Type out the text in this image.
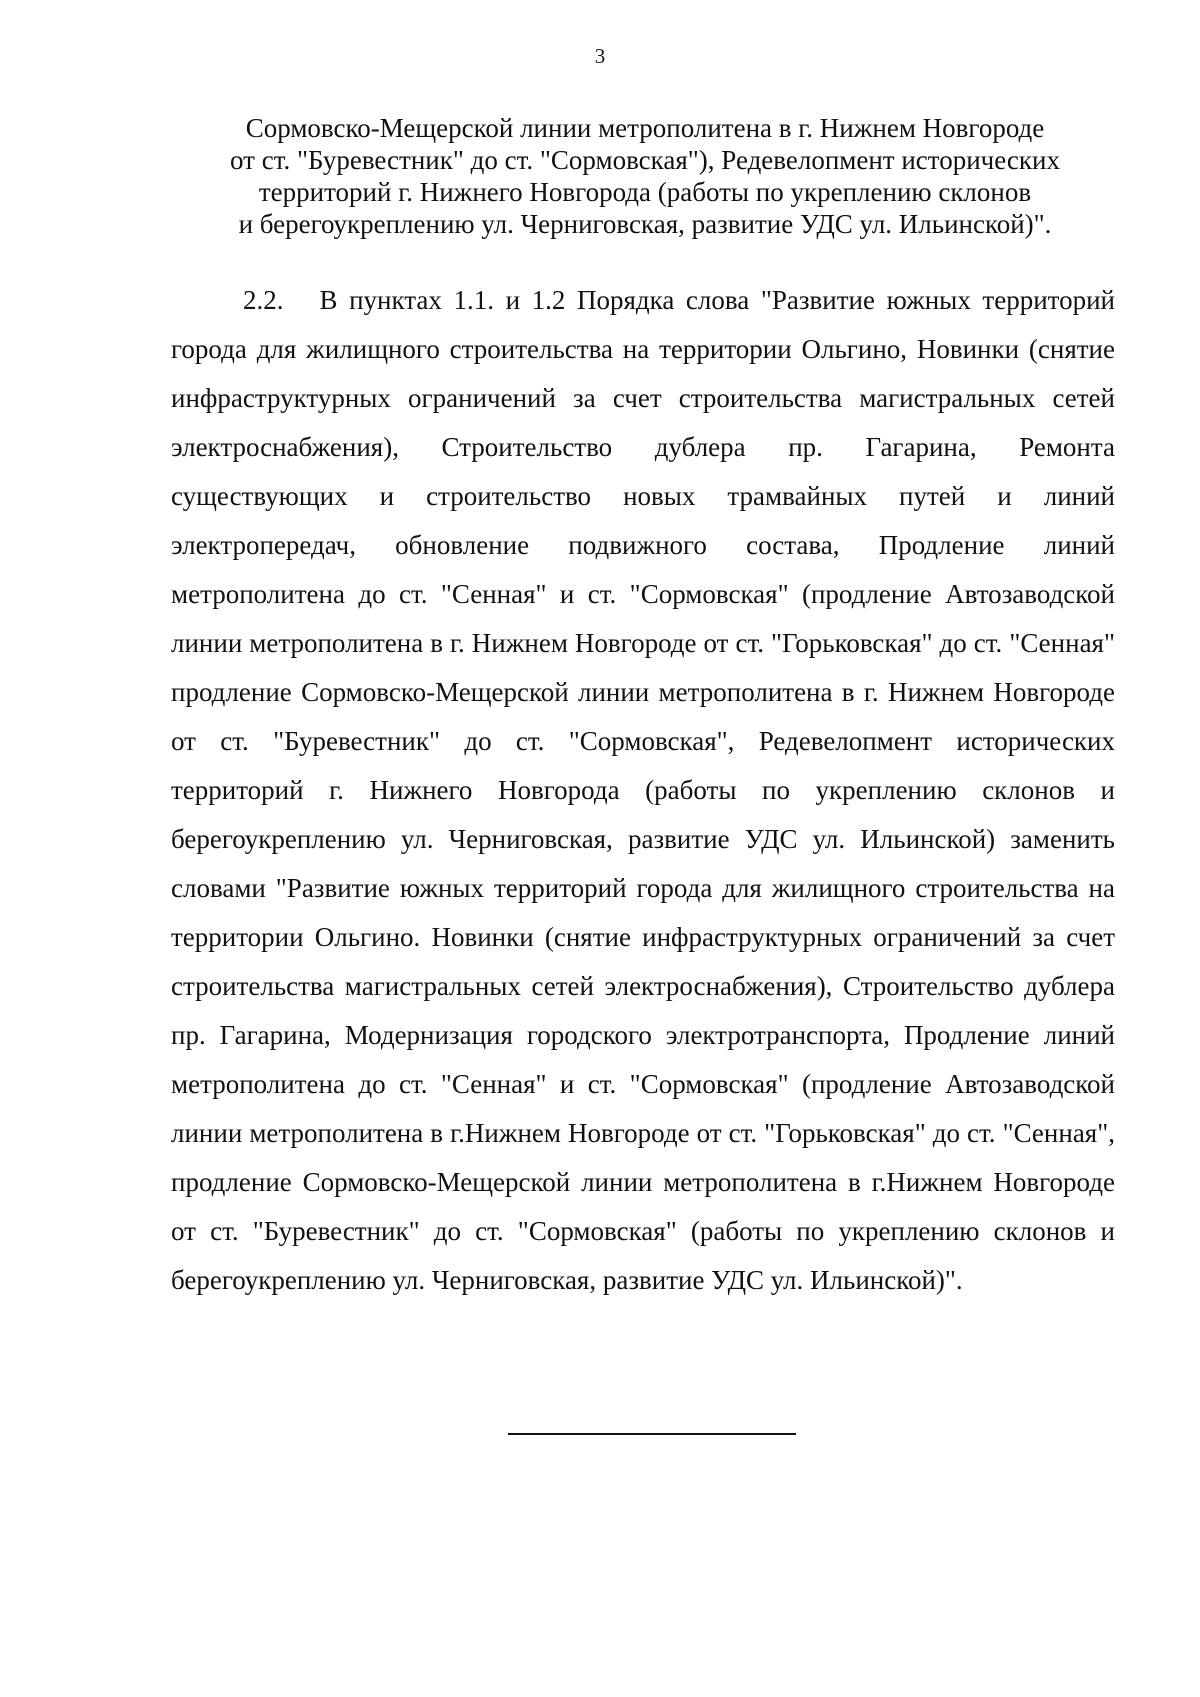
3
Сормовско-Мещерской линии метрополитена в г. Нижнем Новгороде
от ст. "Буревестник" до ст. "Сормовская"), Редевелопмент исторических
территорий г. Нижнего Новгорода (работы по укреплению склонов
и берегоукреплению ул. Черниговская, развитие УДС ул. Ильинской)".

2.2. В пунктах 1.1. и 1.2 Порядка слова "Развитие южных территорий города для жилищного строительства на территории Ольгино, Новинки (снятие инфраструктурных ограничений за счет строительства магистральных сетей электроснабжения), Строительство дублера пр. Гагарина, Ремонта существующих и строительство новых трамвайных путей и линий электропередач, обновление подвижного состава, Продление линий метрополитена до ст. "Сенная" и ст. "Сормовская" (продление Автозаводской линии метрополитена в г. Нижнем Новгороде от ст. "Горьковская" до ст. "Сенная" продление Сормовско-Мещерской линии метрополитена в г. Нижнем Новгороде от ст. "Буревестник" до ст. "Сормовская", Редевелопмент исторических территорий г. Нижнего Новгорода (работы по укреплению склонов и берегоукреплению ул. Черниговская, развитие УДС ул. Ильинской) заменить словами "Развитие южных территорий города для жилищного строительства на территории Ольгино. Новинки (снятие инфраструктурных ограничений за счет строительства магистральных сетей электроснабжения), Строительство дублера пр. Гагарина, Модернизация городского электротранспорта, Продление линий метрополитена до ст. "Сенная" и ст. "Сормовская" (продление Автозаводской линии метрополитена в г.Нижнем Новгороде от ст. "Горьковская" до ст. "Сенная", продление Сормовско-Мещерской линии метрополитена в г.Нижнем Новгороде от ст. "Буревестник" до ст. "Сормовская" (работы по укреплению склонов и берегоукреплению ул. Черниговская, развитие УДС ул. Ильинской)".
